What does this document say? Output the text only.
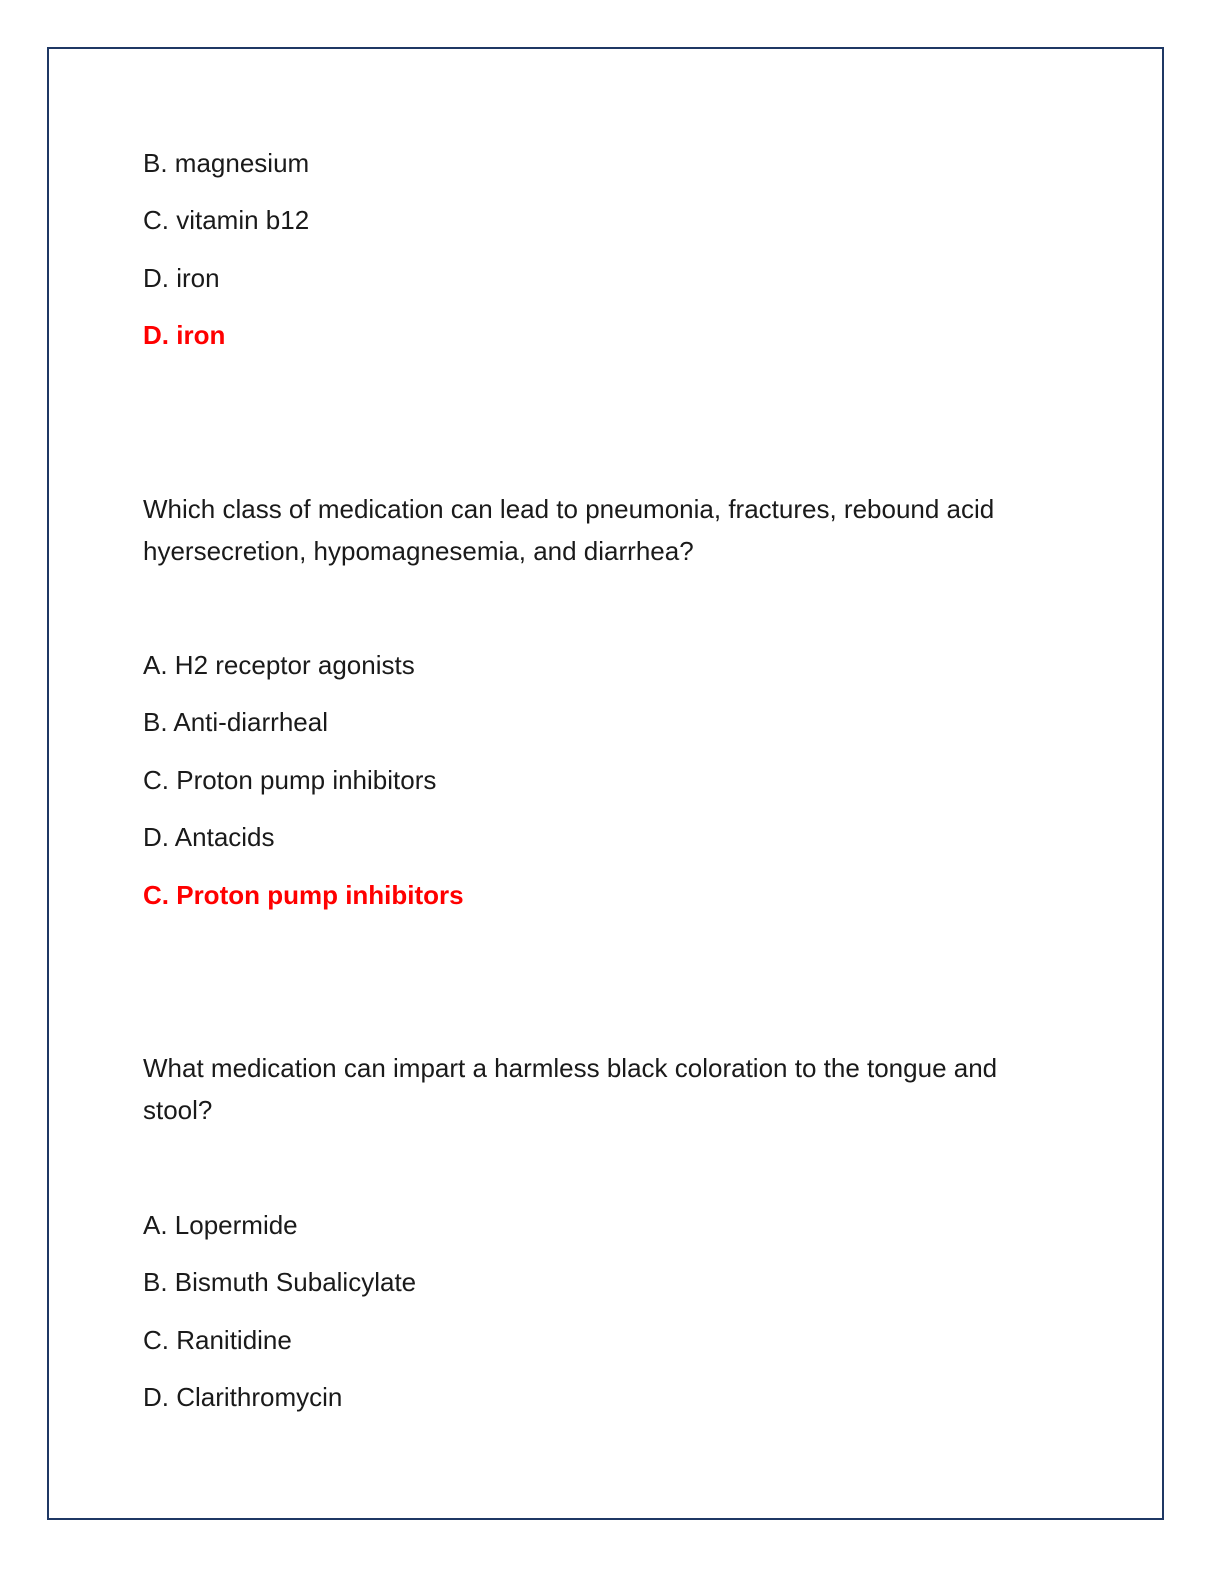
B. magnesium

C. vitamin b12

D. iron

D. iron

Which class of medication can lead to pneumonia, fractures, rebound acid hyersecretion, hypomagnesemia, and diarrhea?

A. H2 receptor agonists

B. Anti-diarrheal

C. Proton pump inhibitors

D. Antacids

C. Proton pump inhibitors

What medication can impart a harmless black coloration to the tongue and stool?

A. Lopermide

B. Bismuth Subalicylate

C. Ranitidine

D. Clarithromycin
